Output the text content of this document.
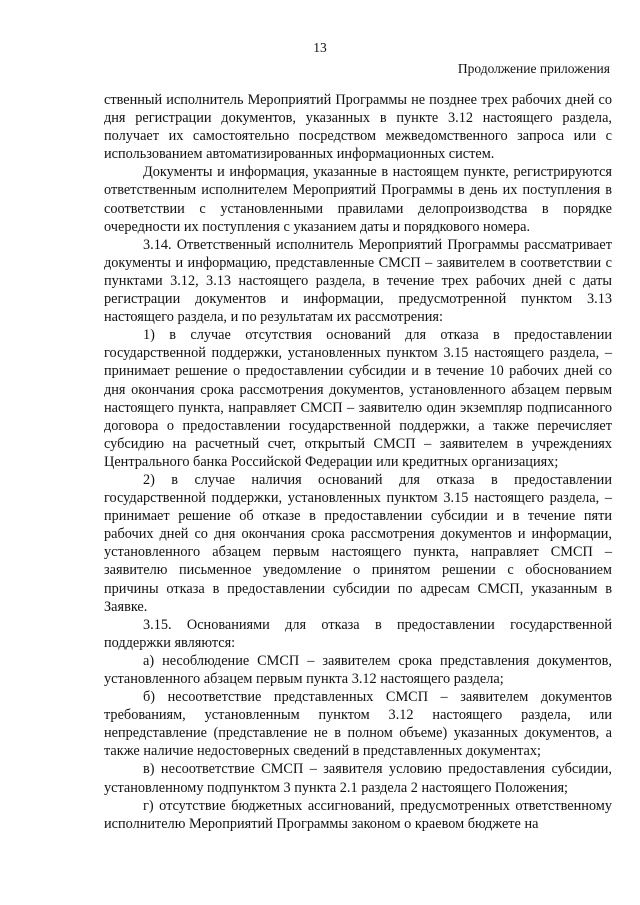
13
Продолжение приложения

ственный исполнитель Мероприятий Программы не позднее трех рабочих дней со дня регистрации документов, указанных в пункте 3.12 настоящего раздела, получает их самостоятельно посредством межведомственного запроса или с использованием автоматизированных информационных систем.

Документы и информация, указанные в настоящем пункте, регистрируются ответственным исполнителем Мероприятий Программы в день их поступления в соответствии с установленными правилами делопроизводства в порядке очередности их поступления с указанием даты и порядкового номера.

3.14. Ответственный исполнитель Мероприятий Программы рассматривает документы и информацию, представленные СМСП – заявителем в соответствии с пунктами 3.12, 3.13 настоящего раздела, в течение трех рабочих дней с даты регистрации документов и информации, предусмотренной пунктом 3.13 настоящего раздела, и по результатам их рассмотрения:

1) в случае отсутствия оснований для отказа в предоставлении государственной поддержки, установленных пунктом 3.15 настоящего раздела, – принимает решение о предоставлении субсидии и в течение 10 рабочих дней со дня окончания срока рассмотрения документов, установленного абзацем первым настоящего пункта, направляет СМСП – заявителю один экземпляр подписанного договора о предоставлении государственной поддержки, а также перечисляет субсидию на расчетный счет, открытый СМСП – заявителем в учреждениях Центрального банка Российской Федерации или кредитных организациях;

2) в случае наличия оснований для отказа в предоставлении государственной поддержки, установленных пунктом 3.15 настоящего раздела, – принимает решение об отказе в предоставлении субсидии и в течение пяти рабочих дней со дня окончания срока рассмотрения документов и информации, установленного абзацем первым настоящего пункта, направляет СМСП – заявителю письменное уведомление о принятом решении с обоснованием причины отказа в предоставлении субсидии по адресам СМСП, указанным в Заявке.

3.15. Основаниями для отказа в предоставлении государственной поддержки являются:

а) несоблюдение СМСП – заявителем срока представления документов, установленного абзацем первым пункта 3.12 настоящего раздела;

б) несоответствие представленных СМСП – заявителем документов требованиям, установленным пунктом 3.12 настоящего раздела, или непредставление (представление не в полном объеме) указанных документов, а также наличие недостоверных сведений в представленных документах;

в) несоответствие СМСП – заявителя условию предоставления субсидии, установленному подпунктом 3 пункта 2.1 раздела 2 настоящего Положения;

г) отсутствие бюджетных ассигнований, предусмотренных ответственному исполнителю Мероприятий Программы законом о краевом бюджете на
